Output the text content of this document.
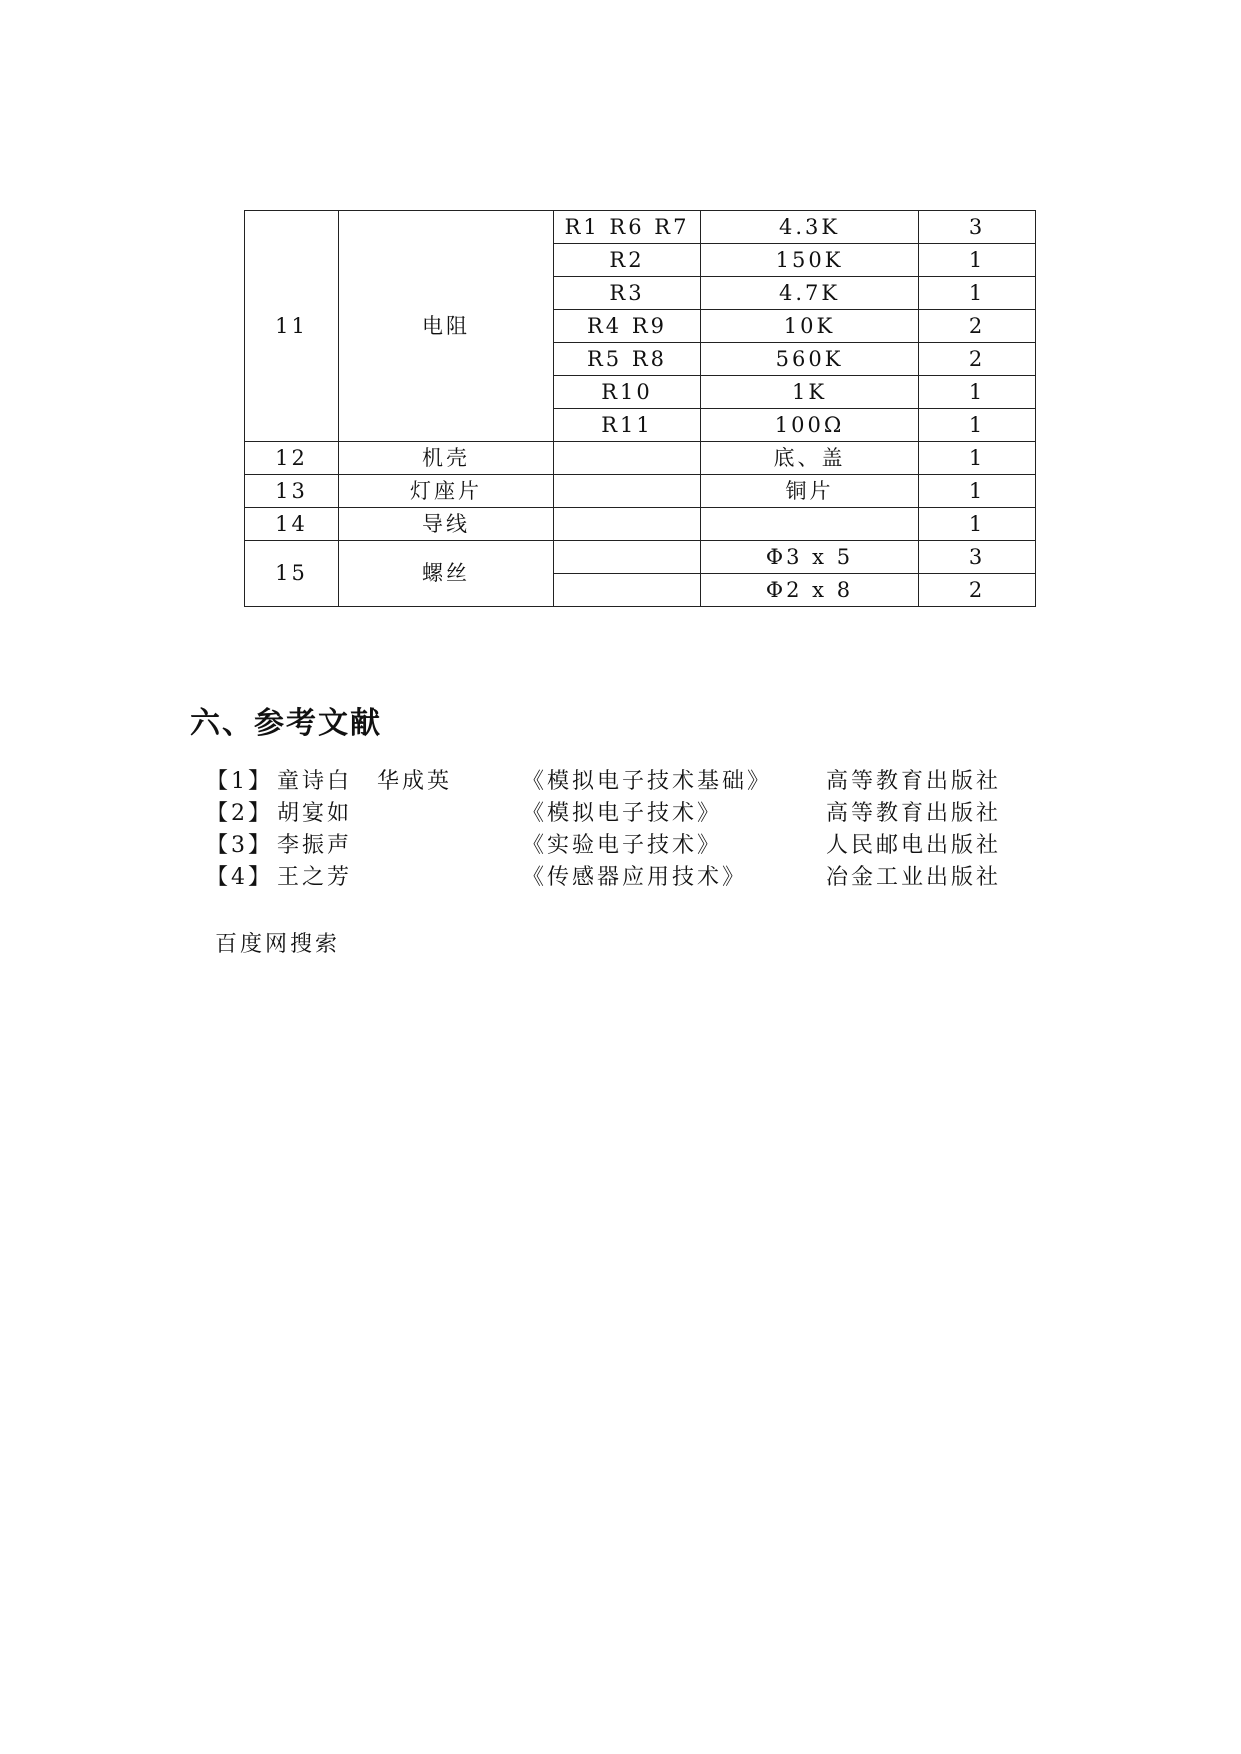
11	电阻	R1 R6 R7	4.3K	3
		R2	150K	1
		R3	4.7K	1
		R4 R9	10K	2
		R5 R8	560K	2
		R10	1K	1
		R11	100Ω	1
12	机壳		底、盖	1
13	灯座片		铜片	1
14	导线			1
15	螺丝		Φ3 x 5	3
			Φ2 x 8	2
六、参考文献
【1】 童诗白　华成英	《模拟电子技术基础》 高等教育出版社
【2】 胡宴如	《模拟电子技术》	高等教育出版社
【3】 李振声	《实验电子技术》	人民邮电出版社
【4】 王之芳	《传感器应用技术》	冶金工业出版社
百度网搜索
